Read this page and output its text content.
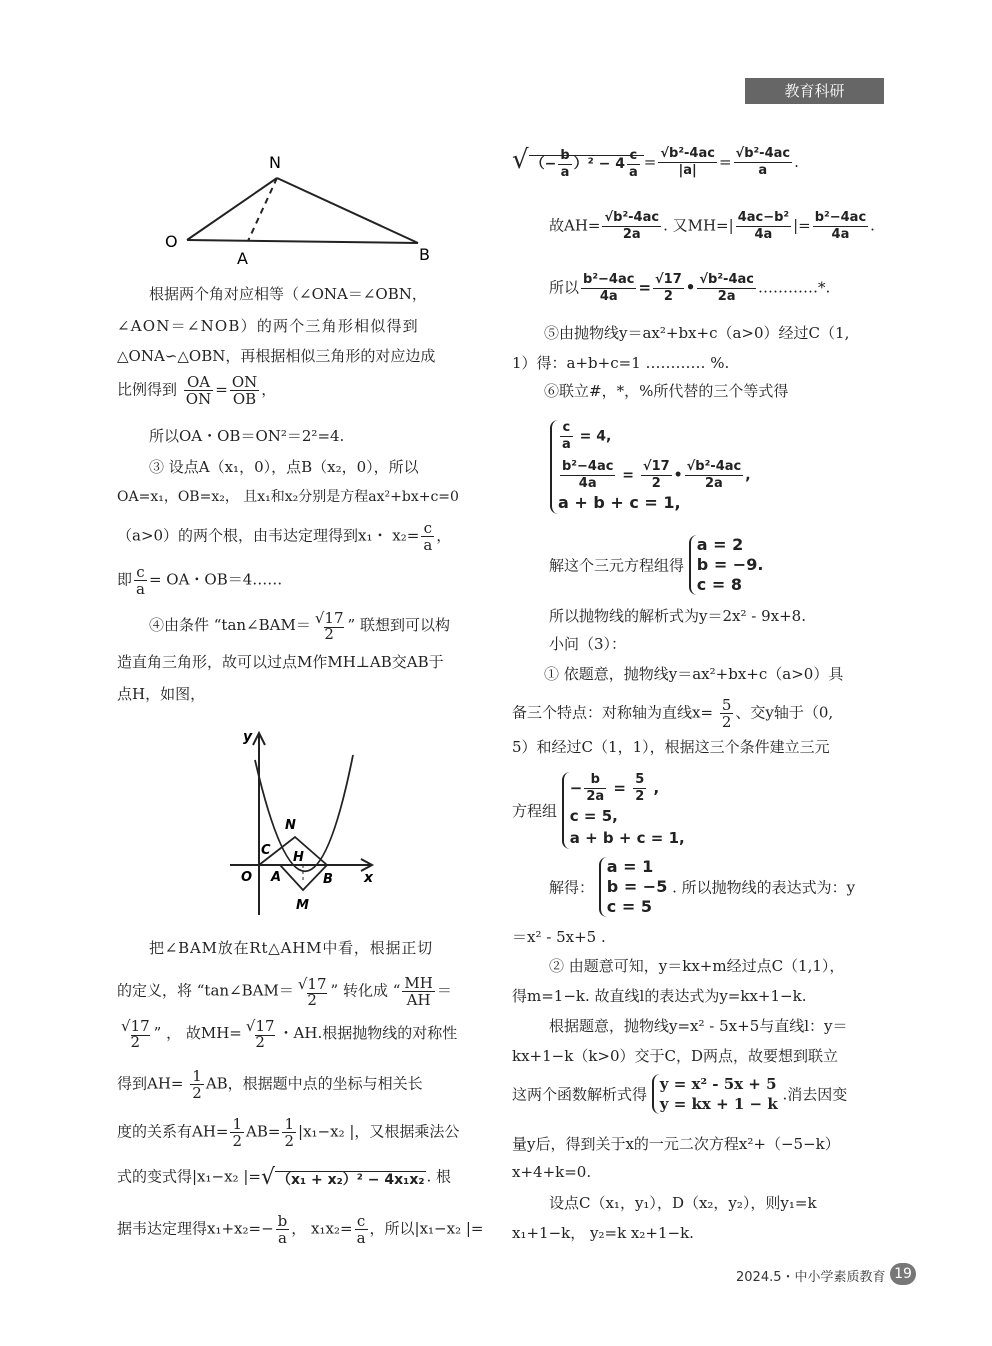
教育科研
N
O
A	B
根据两个角对应相等（∠ONA＝∠OBN，
∠AON＝∠NOB）的两个三角形相似得到
△ONA∽△OBN，再根据相似三角形的对应边成
比例得到 $\frac{OA}{ON} = \frac{ON}{OB}$ ，
所以OA・OB＝ON²＝2²=4.
③ 设点A（x₁，0），点B（x₂，0），所以
OA=x₁，OB=x₂， 且x₁和x₂分别是方程ax²+bx+c=0
（a>0）的两个根，由韦达定理得到x₁・ $x_2= \frac{c}{a}$ ，
即 $\frac{c}{a}$ = OA・OB＝4……
④由条件 “tan∠BAM＝ √17
2 ” 联想到可以构
造直角三角形，故可以过点M作MH⊥AB交AB于
点H，如图，
y
x
O A	B
C
N
H
M
把∠BAM放在Rt△AHM中看，根据正切
的定义，将 “tan∠BAM＝ √17
2 ” 转化成 “ $\frac{MH}{AH}$ ＝
√17
2 ” ， 故MH= √17
2 ・AH.根据抛物线的对称性
得到$AH= \frac{1}{2}$ AB，根据题中点的坐标与相关长
度的关系有$AH= \frac{1}{2} AB= \frac{1}{2} |x_1-x_2$ |，又根据乘法公
式的变式得|x₁−x₂ |=√ （x₁ + x₂）² − 4x₁x₂ . 根
据韦达定理得$x_1+x_2=- \frac{b}{a}$ ， $x_1x_2= \frac{c}{a}$ ，所以|x₁−x₂ |=
√ （− $\frac{b}{a} )^2 - 4 \frac{c}{a} = \frac{\text{√b²-4ac}}{|a|} = \frac{\text{√b²-4ac}}{a}$ .
故$AH= \frac{\text{√b²-4ac}}{2a}$ . 又$MH=| \frac{\text{4ac−b²}}{4a}$ |= $\frac{\text{b²−4ac}}{4a}$ .
所以 $\frac{\text{b²−4ac}}{4a} = \frac{√17}{2}$ • $\frac{\text{√b²-4ac}}{2a}$ …………*.
⑤由抛物线y＝ax²+bx+c（a>0）经过C（1,
1）得：a+b+c=1 ………… %.
⑥联立#，*，%所代替的三个等式得
$\frac{c}{a} = 4$,
$\frac{\text{b²−4ac}}{4a} = \frac{√17}{2}$ • $\frac{\text{√b²-4ac}}{2a}$ ,
a + b + c = 1,
解这个三元方程组得
a = 2
b = −9.
c = 8
所以抛物线的解析式为y＝2x² - 9x+8.
小问（3）：
① 依题意，抛物线y＝ax²+bx+c（a>0）具
备三个特点：对称轴为直线$x= \frac{5}{2}$ 、交y轴于（0,
5）和经过C（1，1），根据这三个条件建立三元
方程组
− $\frac{b}{2a} = \frac{5}{2}$ ,
c = 5,
a + b + c = 1,
解得：
a = 1
b = −5
c = 5
. 所以抛物线的表达式为：y
＝x² - 5x+5 .
② 由题意可知，y＝kx+m经过点C（1,1），
得m=1−k. 故直线l的表达式为y=kx+1−k.
根据题意，抛物线y=x² - 5x+5与直线l：y＝
kx+1−k（k>0）交于C，D两点，故要想到联立
这两个函数解析式得
y = x² - 5x + 5
y = kx + 1 − k
.消去因变
量y后，得到关于x的一元二次方程x²+（−5−k）
x+4+k=0.
设点C（x₁，y₁），D（x₂，y₂），则y₁=k
x₁+1−k， y₂=k x₂+1−k.
2024.5・中小学素质教育 19
